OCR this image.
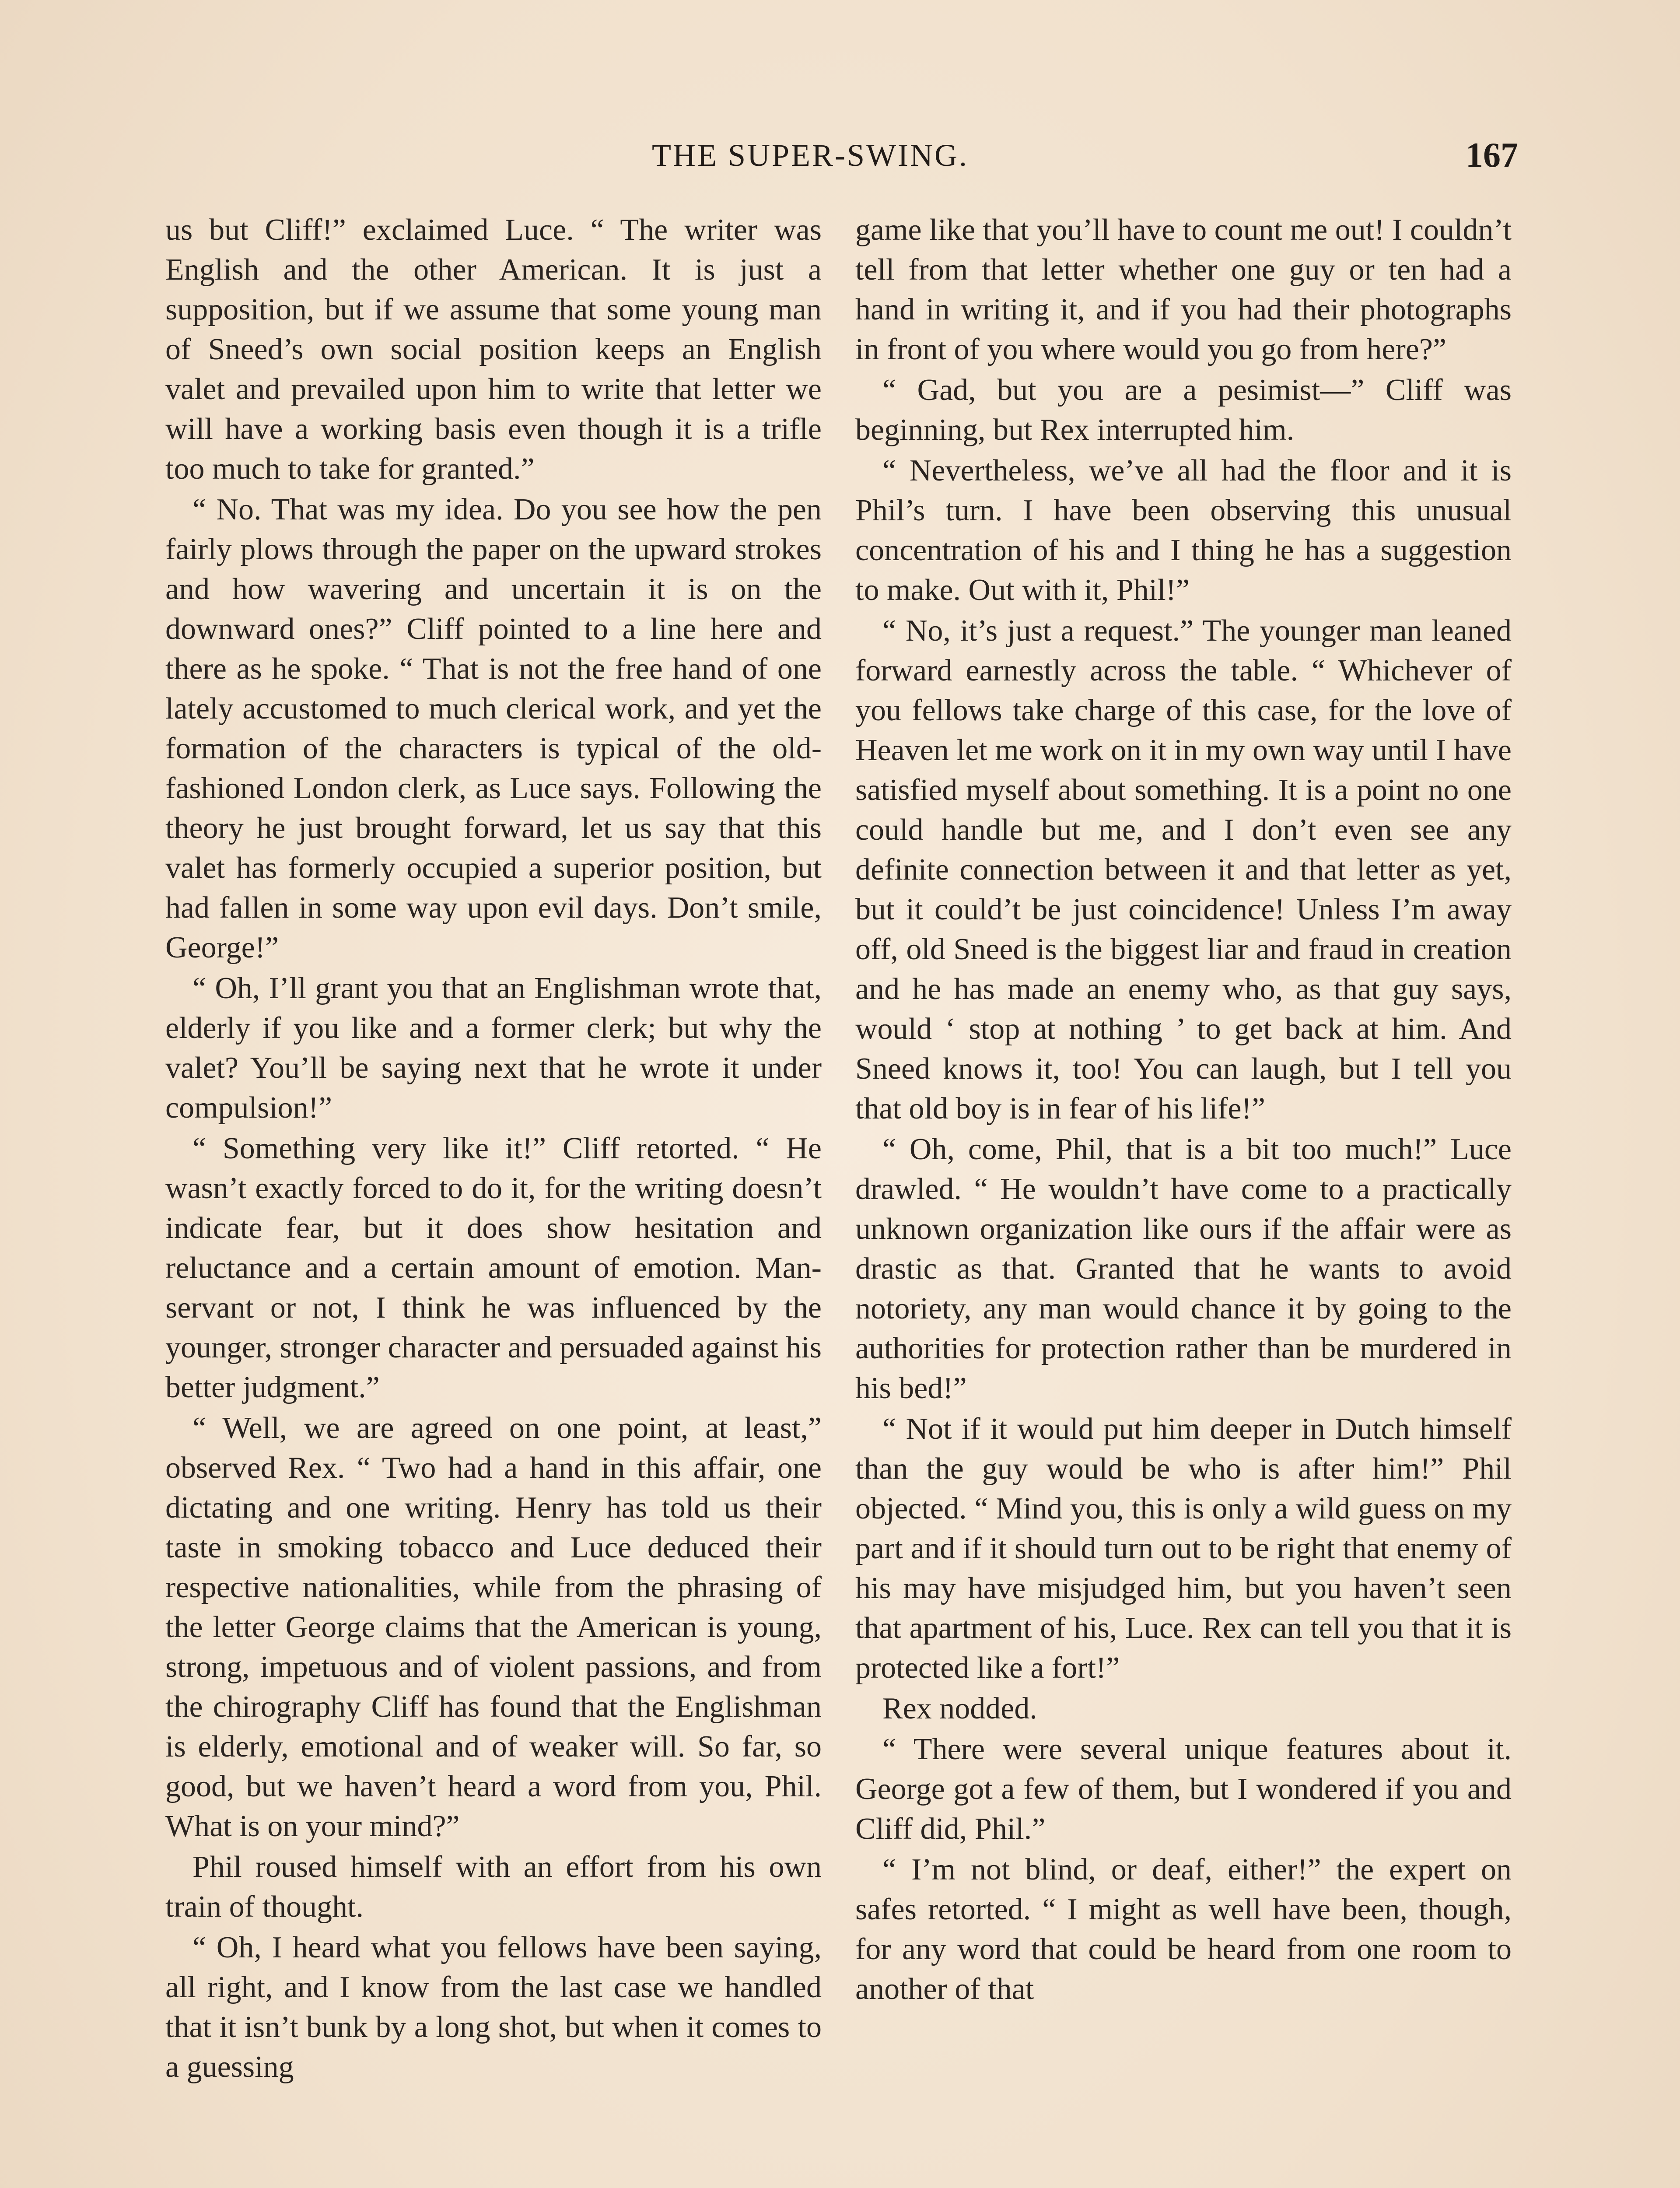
THE SUPER-SWING.	167

us but Cliff!” exclaimed Luce. “ The writer was English and the other American. It is just a supposition, but if we assume that some young man of Sneed’s own social position keeps an English valet and prevailed upon him to write that letter we will have a working basis even though it is a trifle too much to take for granted.”

“ No. That was my idea. Do you see how the pen fairly plows through the paper on the upward strokes and how wavering and uncertain it is on the downward ones?” Cliff pointed to a line here and there as he spoke. “ That is not the free hand of one lately accustomed to much clerical work, and yet the formation of the characters is typical of the old-fashioned London clerk, as Luce says. Following the theory he just brought forward, let us say that this valet has formerly occupied a superior position, but had fallen in some way upon evil days. Don’t smile, George!”

“ Oh, I’ll grant you that an Englishman wrote that, elderly if you like and a former clerk; but why the valet? You’ll be saying next that he wrote it under compulsion!”

“ Something very like it!” Cliff retorted. “ He wasn’t exactly forced to do it, for the writing doesn’t indicate fear, but it does show hesitation and reluctance and a certain amount of emotion. Man-servant or not, I think he was influenced by the younger, stronger character and persuaded against his better judgment.”

“ Well, we are agreed on one point, at least,” observed Rex. “ Two had a hand in this affair, one dictating and one writing. Henry has told us their taste in smoking tobacco and Luce deduced their respective nationalities, while from the phrasing of the letter George claims that the American is young, strong, impetuous and of violent passions, and from the chirography Cliff has found that the Englishman is elderly, emotional and of weaker will. So far, so good, but we haven’t heard a word from you, Phil. What is on your mind?”

Phil roused himself with an effort from his own train of thought.

“ Oh, I heard what you fellows have been saying, all right, and I know from the last case we handled that it isn’t bunk by a long shot, but when it comes to a guessing

game like that you’ll have to count me out! I couldn’t tell from that letter whether one guy or ten had a hand in writing it, and if you had their photographs in front of you where would you go from here?”

“ Gad, but you are a pesimist—” Cliff was beginning, but Rex interrupted him.

“ Nevertheless, we’ve all had the floor and it is Phil’s turn. I have been observing this unusual concentration of his and I thing he has a suggestion to make. Out with it, Phil!”

“ No, it’s just a request.” The younger man leaned forward earnestly across the table. “ Whichever of you fellows take charge of this case, for the love of Heaven let me work on it in my own way until I have satisfied myself about something. It is a point no one could handle but me, and I don’t even see any definite connection between it and that letter as yet, but it could’t be just coincidence! Unless I’m away off, old Sneed is the biggest liar and fraud in creation and he has made an enemy who, as that guy says, would ‘ stop at nothing ’ to get back at him. And Sneed knows it, too! You can laugh, but I tell you that old boy is in fear of his life!”

“ Oh, come, Phil, that is a bit too much!” Luce drawled. “ He wouldn’t have come to a practically unknown organization like ours if the affair were as drastic as that. Granted that he wants to avoid notoriety, any man would chance it by going to the authorities for protection rather than be murdered in his bed!”

“ Not if it would put him deeper in Dutch himself than the guy would be who is after him!” Phil objected. “ Mind you, this is only a wild guess on my part and if it should turn out to be right that enemy of his may have misjudged him, but you haven’t seen that apartment of his, Luce. Rex can tell you that it is protected like a fort!”

Rex nodded.

“ There were several unique features about it. George got a few of them, but I wondered if you and Cliff did, Phil.”

“ I’m not blind, or deaf, either!” the expert on safes retorted. “ I might as well have been, though, for any word that could be heard from one room to another of that
